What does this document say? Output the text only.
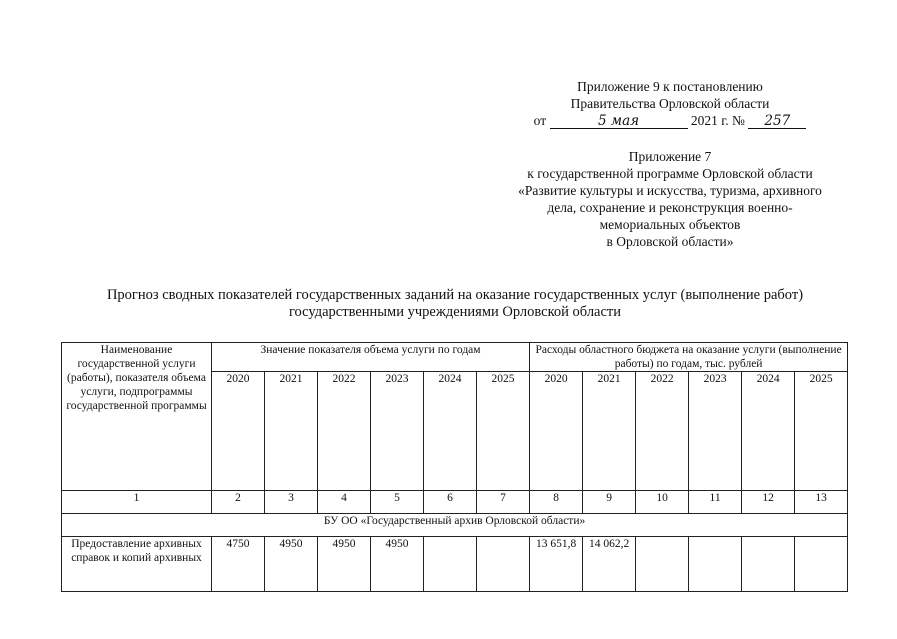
Приложение 9 к постановлению
Правительства Орловской области
от	5 мая	2021 г. № 257
Приложение 7
к государственной программе Орловской области
«Развитие культуры и искусства, туризма, архивного
дела, сохранение и реконструкция военно-
мемориальных объектов
в Орловской области»
Прогноз сводных показателей государственных заданий на оказание государственных услуг (выполнение работ)
государственными учреждениями Орловской области
Наименование государственной услуги (работы), показателя объема услуги, подпрограммы государственной программы	Значение показателя объема услуги по годам						Расходы областного бюджета на оказание услуги (выполнение работы) по годам, тыс. рублей					
	2020	2021	2022	2023	2024	2025	2020	2021	2022	2023	2024	2025
1	2	3	4	5	6	7	8	9	10	11	12	13
БУ ОО «Государственный архив Орловской области»												
Предоставление архивных справок и копий архивных	4750	4950	4950	4950			13 651,8	14 062,2				
